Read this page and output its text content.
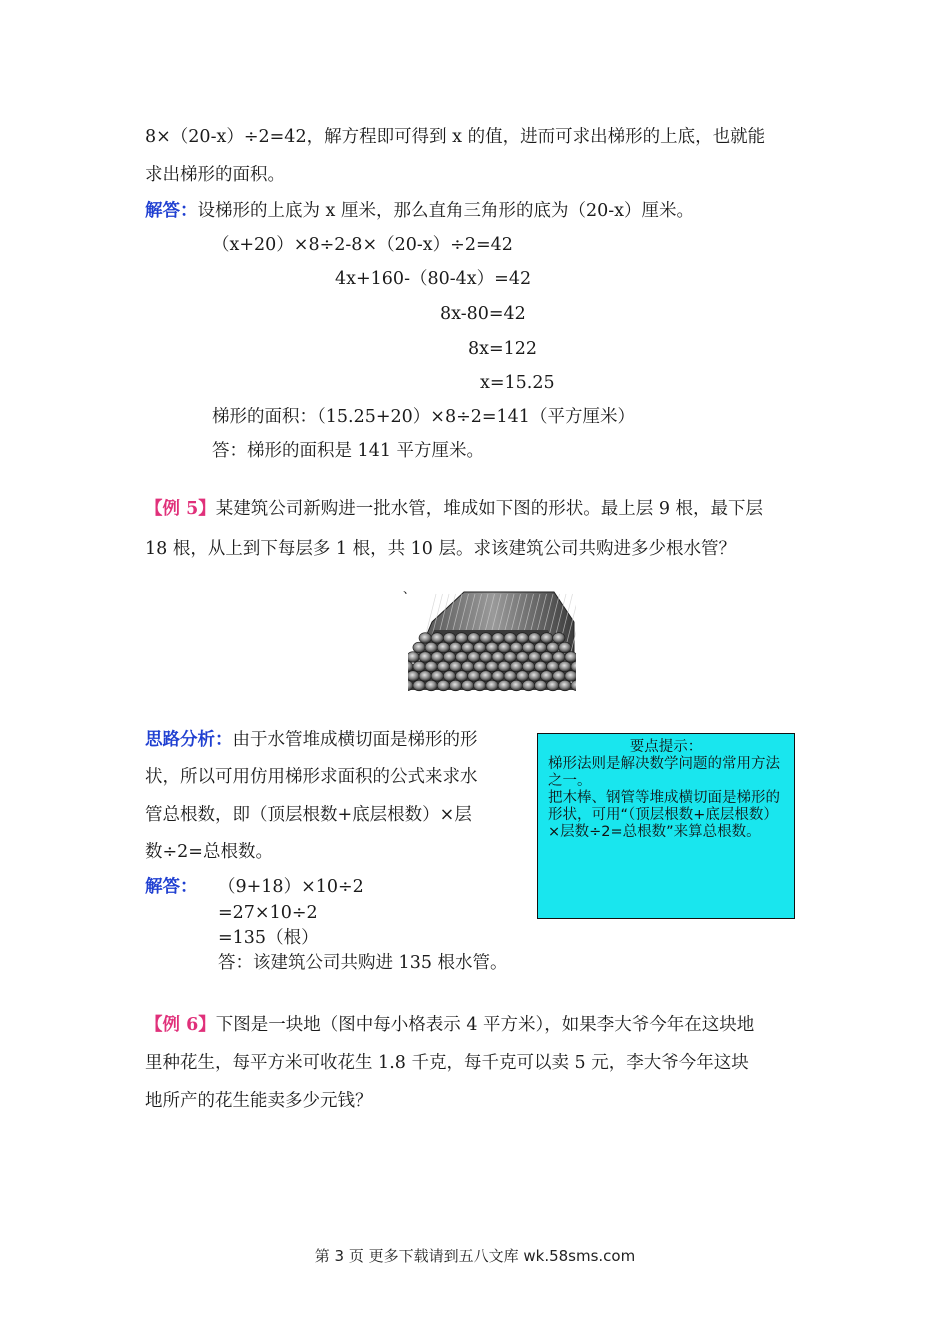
8×（20-x）÷2=42，解方程即可得到 x 的值，进而可求出梯形的上底，也就能
求出梯形的面积。
解答：设梯形的上底为 x 厘米，那么直角三角形的底为（20-x）厘米。
（x+20）×8÷2-8×（20-x）÷2=42
4x+160-（80-4x）=42
8x-80=42
8x=122
x=15.25
梯形的面积：（15.25+20）×8÷2=141（平方厘米）
答：梯形的面积是 141 平方厘米。
【例 5】某建筑公司新购进一批水管，堆成如下图的形状。最上层 9 根，最下层
18 根，从上到下每层多 1 根，共 10 层。求该建筑公司共购进多少根水管？
、
思路分析：由于水管堆成横切面是梯形的形
状，所以可用仿用梯形求面积的公式来求水
管总根数，即（顶层根数+底层根数）×层
数÷2=总根数。
解答： （9+18）×10÷2
=27×10÷2
=135（根）
答：该建筑公司共购进 135 根水管。
要点提示：
梯形法则是解决数学问题的常用方法之一。
把木棒、钢管等堆成横切面是梯形的形状，可用“（顶层根数+底层根数）×层数÷2=总根数”来算总根数。
【例 6】下图是一块地（图中每小格表示 4 平方米），如果李大爷今年在这块地
里种花生，每平方米可收花生 1.8 千克，每千克可以卖 5 元，李大爷今年这块
地所产的花生能卖多少元钱？
第 3 页 更多下载请到五八文库 wk.58sms.com
